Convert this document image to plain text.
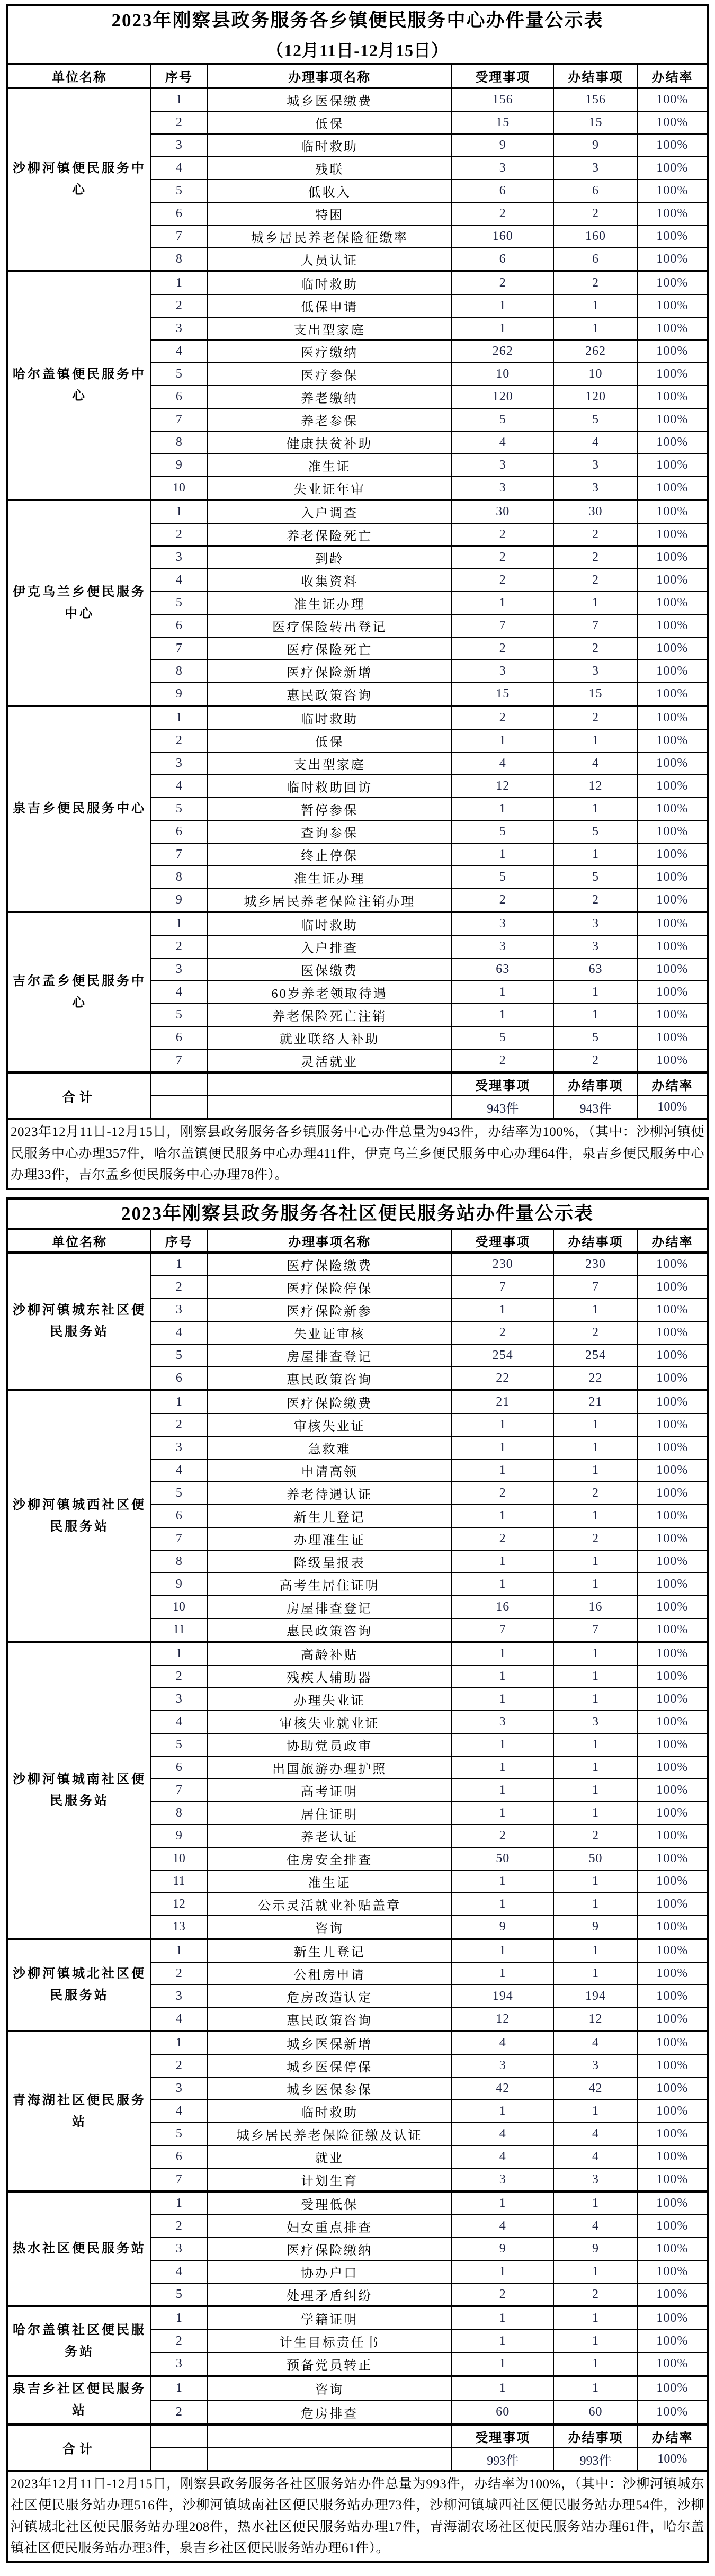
2023年刚察县政务服务各乡镇便民服务中心办件量公示表
（12月11日-12月15日）					

单位名称	序号	办理事项名称	受理事项	办结事项	办结率
沙柳河镇便民服务中心	1	城乡医保缴费	156	156	100%
	2	低保	15	15	100%
	3	临时救助	9	9	100%
	4	残联	3	3	100%
	5	低收入	6	6	100%
	6	特困	2	2	100%
	7	城乡居民养老保险征缴率	160	160	100%
	8	人员认证	6	6	100%
哈尔盖镇便民服务中心	1	临时救助	2	2	100%
	2	低保申请	1	1	100%
	3	支出型家庭	1	1	100%
	4	医疗缴纳	262	262	100%
	5	医疗参保	10	10	100%
	6	养老缴纳	120	120	100%
	7	养老参保	5	5	100%
	8	健康扶贫补助	4	4	100%
	9	准生证	3	3	100%
	10	失业证年审	3	3	100%
伊克乌兰乡便民服务中心	1	入户调查	30	30	100%
	2	养老保险死亡	2	2	100%
	3	到龄	2	2	100%
	4	收集资料	2	2	100%
	5	准生证办理	1	1	100%
	6	医疗保险转出登记	7	7	100%
	7	医疗保险死亡	2	2	100%
	8	医疗保险新增	3	3	100%
	9	惠民政策咨询	15	15	100%
泉吉乡便民服务中心	1	临时救助	2	2	100%
	2	低保	1	1	100%
	3	支出型家庭	4	4	100%
	4	临时救助回访	12	12	100%
	5	暂停参保	1	1	100%
	6	查询参保	5	5	100%
	7	终止停保	1	1	100%
	8	准生证办理	5	5	100%
	9	城乡居民养老保险注销办理	2	2	100%
吉尔孟乡便民服务中心	1	临时救助	3	3	100%
	2	入户排查	3	3	100%
	3	医保缴费	63	63	100%
	4	60岁养老领取待遇	1	1	100%
	5	养老保险死亡注销	1	1	100%
	6	就业联络人补助	5	5	100%
	7	灵活就业	2	2	100%
合计			受理事项	办结事项	办结率
			943件	943件	100%

2023年12月11日-12月15日，刚察县政务服务各乡镇服务中心办件总量为943件，办结率为100%，（其中：沙柳河镇便民服务中心办理357件，哈尔盖镇便民服务中心办理411件，伊克乌兰乡便民服务中心办理64件，泉吉乡便民服务中心办理33件，吉尔孟乡便民服务中心办理78件）。					
2023年刚察县政务服务各社区便民服务站办件量公示表					

单位名称	序号	办理事项名称	受理事项	办结事项	办结率
沙柳河镇城东社区便民服务站	1	医疗保险缴费	230	230	100%
	2	医疗保险停保	7	7	100%
	3	医疗保险新参	1	1	100%
	4	失业证审核	2	2	100%
	5	房屋排查登记	254	254	100%
	6	惠民政策咨询	22	22	100%
沙柳河镇城西社区便民服务站	1	医疗保险缴费	21	21	100%
	2	审核失业证	1	1	100%
	3	急救难	1	1	100%
	4	申请高领	1	1	100%
	5	养老待遇认证	2	2	100%
	6	新生儿登记	1	1	100%
	7	办理准生证	2	2	100%
	8	降级呈报表	1	1	100%
	9	高考生居住证明	1	1	100%
	10	房屋排查登记	16	16	100%
	11	惠民政策咨询	7	7	100%
沙柳河镇城南社区便民服务站	1	高龄补贴	1	1	100%
	2	残疾人辅助器	1	1	100%
	3	办理失业证	1	1	100%
	4	审核失业就业证	3	3	100%
	5	协助党员政审	1	1	100%
	6	出国旅游办理护照	1	1	100%
	7	高考证明	1	1	100%
	8	居住证明	1	1	100%
	9	养老认证	2	2	100%
	10	住房安全排查	50	50	100%
	11	准生证	1	1	100%
	12	公示灵活就业补贴盖章	1	1	100%
	13	咨询	9	9	100%
沙柳河镇城北社区便民服务站	1	新生儿登记	1	1	100%
	2	公租房申请	1	1	100%
	3	危房改造认定	194	194	100%
	4	惠民政策咨询	12	12	100%
青海湖社区便民服务站	1	城乡医保新增	4	4	100%
	2	城乡医保停保	3	3	100%
	3	城乡医保参保	42	42	100%
	4	临时救助	1	1	100%
	5	城乡居民养老保险征缴及认证	4	4	100%
	6	就业	4	4	100%
	7	计划生育	3	3	100%
热水社区便民服务站	1	受理低保	1	1	100%
	2	妇女重点排查	4	4	100%
	3	医疗保险缴纳	9	9	100%
	4	协办户口	1	1	100%
	5	处理矛盾纠纷	2	2	100%
哈尔盖镇社区便民服务站	1	学籍证明	1	1	100%
	2	计生目标责任书	1	1	100%
	3	预备党员转正	1	1	100%
泉吉乡社区便民服务站	1	咨询	1	1	100%
	2	危房排查	60	60	100%
合计			受理事项	办结事项	办结率
			993件	993件	100%

2023年12月11日-12月15日，刚察县政务服务各社区服务站办件总量为993件，办结率为100%，（其中：沙柳河镇城东社区便民服务站办理516件，沙柳河镇城南社区便民服务站办理73件，沙柳河镇城西社区便民服务站办理54件，沙柳河镇城北社区便民服务站办理208件，热水社区便民服务站办理17件，青海湖农场社区便民服务站办理61件，哈尔盖镇社区便民服务站办理3件，泉吉乡社区便民服务站办理61件）。					
